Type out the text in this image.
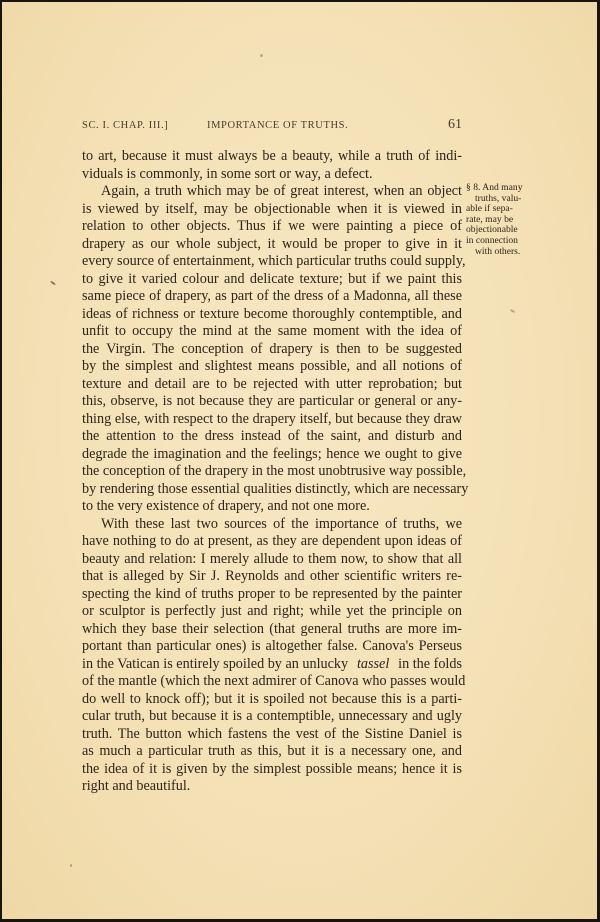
SC. I. CHAP. III.]	IMPORTANCE OF TRUTHS.	61
to art, because it must always be a beauty, while a truth of indi-
viduals is commonly, in some sort or way, a defect.
Again, a truth which may be of great interest, when an object
is viewed by itself, may be objectionable when it is viewed in
relation to other objects. Thus if we were painting a piece of
drapery as our whole subject, it would be proper to give in it
every source of entertainment, which particular truths could supply,
to give it varied colour and delicate texture; but if we paint this
same piece of drapery, as part of the dress of a Madonna, all these
ideas of richness or texture become thoroughly contemptible, and
unfit to occupy the mind at the same moment with the idea of
the Virgin. The conception of drapery is then to be suggested
by the simplest and slightest means possible, and all notions of
texture and detail are to be rejected with utter reprobation; but
this, observe, is not because they are particular or general or any-
thing else, with respect to the drapery itself, but because they draw
the attention to the dress instead of the saint, and disturb and
degrade the imagination and the feelings; hence we ought to give
the conception of the drapery in the most unobtrusive way possible,
by rendering those essential qualities distinctly, which are necessary
to the very existence of drapery, and not one more.
With these last two sources of the importance of truths, we
have nothing to do at present, as they are dependent upon ideas of
beauty and relation: I merely allude to them now, to show that all
that is alleged by Sir J. Reynolds and other scientific writers re-
specting the kind of truths proper to be represented by the painter
or sculptor is perfectly just and right; while yet the principle on
which they base their selection (that general truths are more im-
portant than particular ones) is altogether false. Canova's Perseus
in the Vatican is entirely spoiled by an unlucky tassel in the folds
of the mantle (which the next admirer of Canova who passes would
do well to knock off); but it is spoiled not because this is a parti-
cular truth, but because it is a contemptible, unnecessary and ugly
truth. The button which fastens the vest of the Sistine Daniel is
as much a particular truth as this, but it is a necessary one, and
the idea of it is given by the simplest possible means; hence it is
right and beautiful.
§ 8. And many
truths, valu-
able if sepa-
rate, may be
objectionable
in connection
with others.
